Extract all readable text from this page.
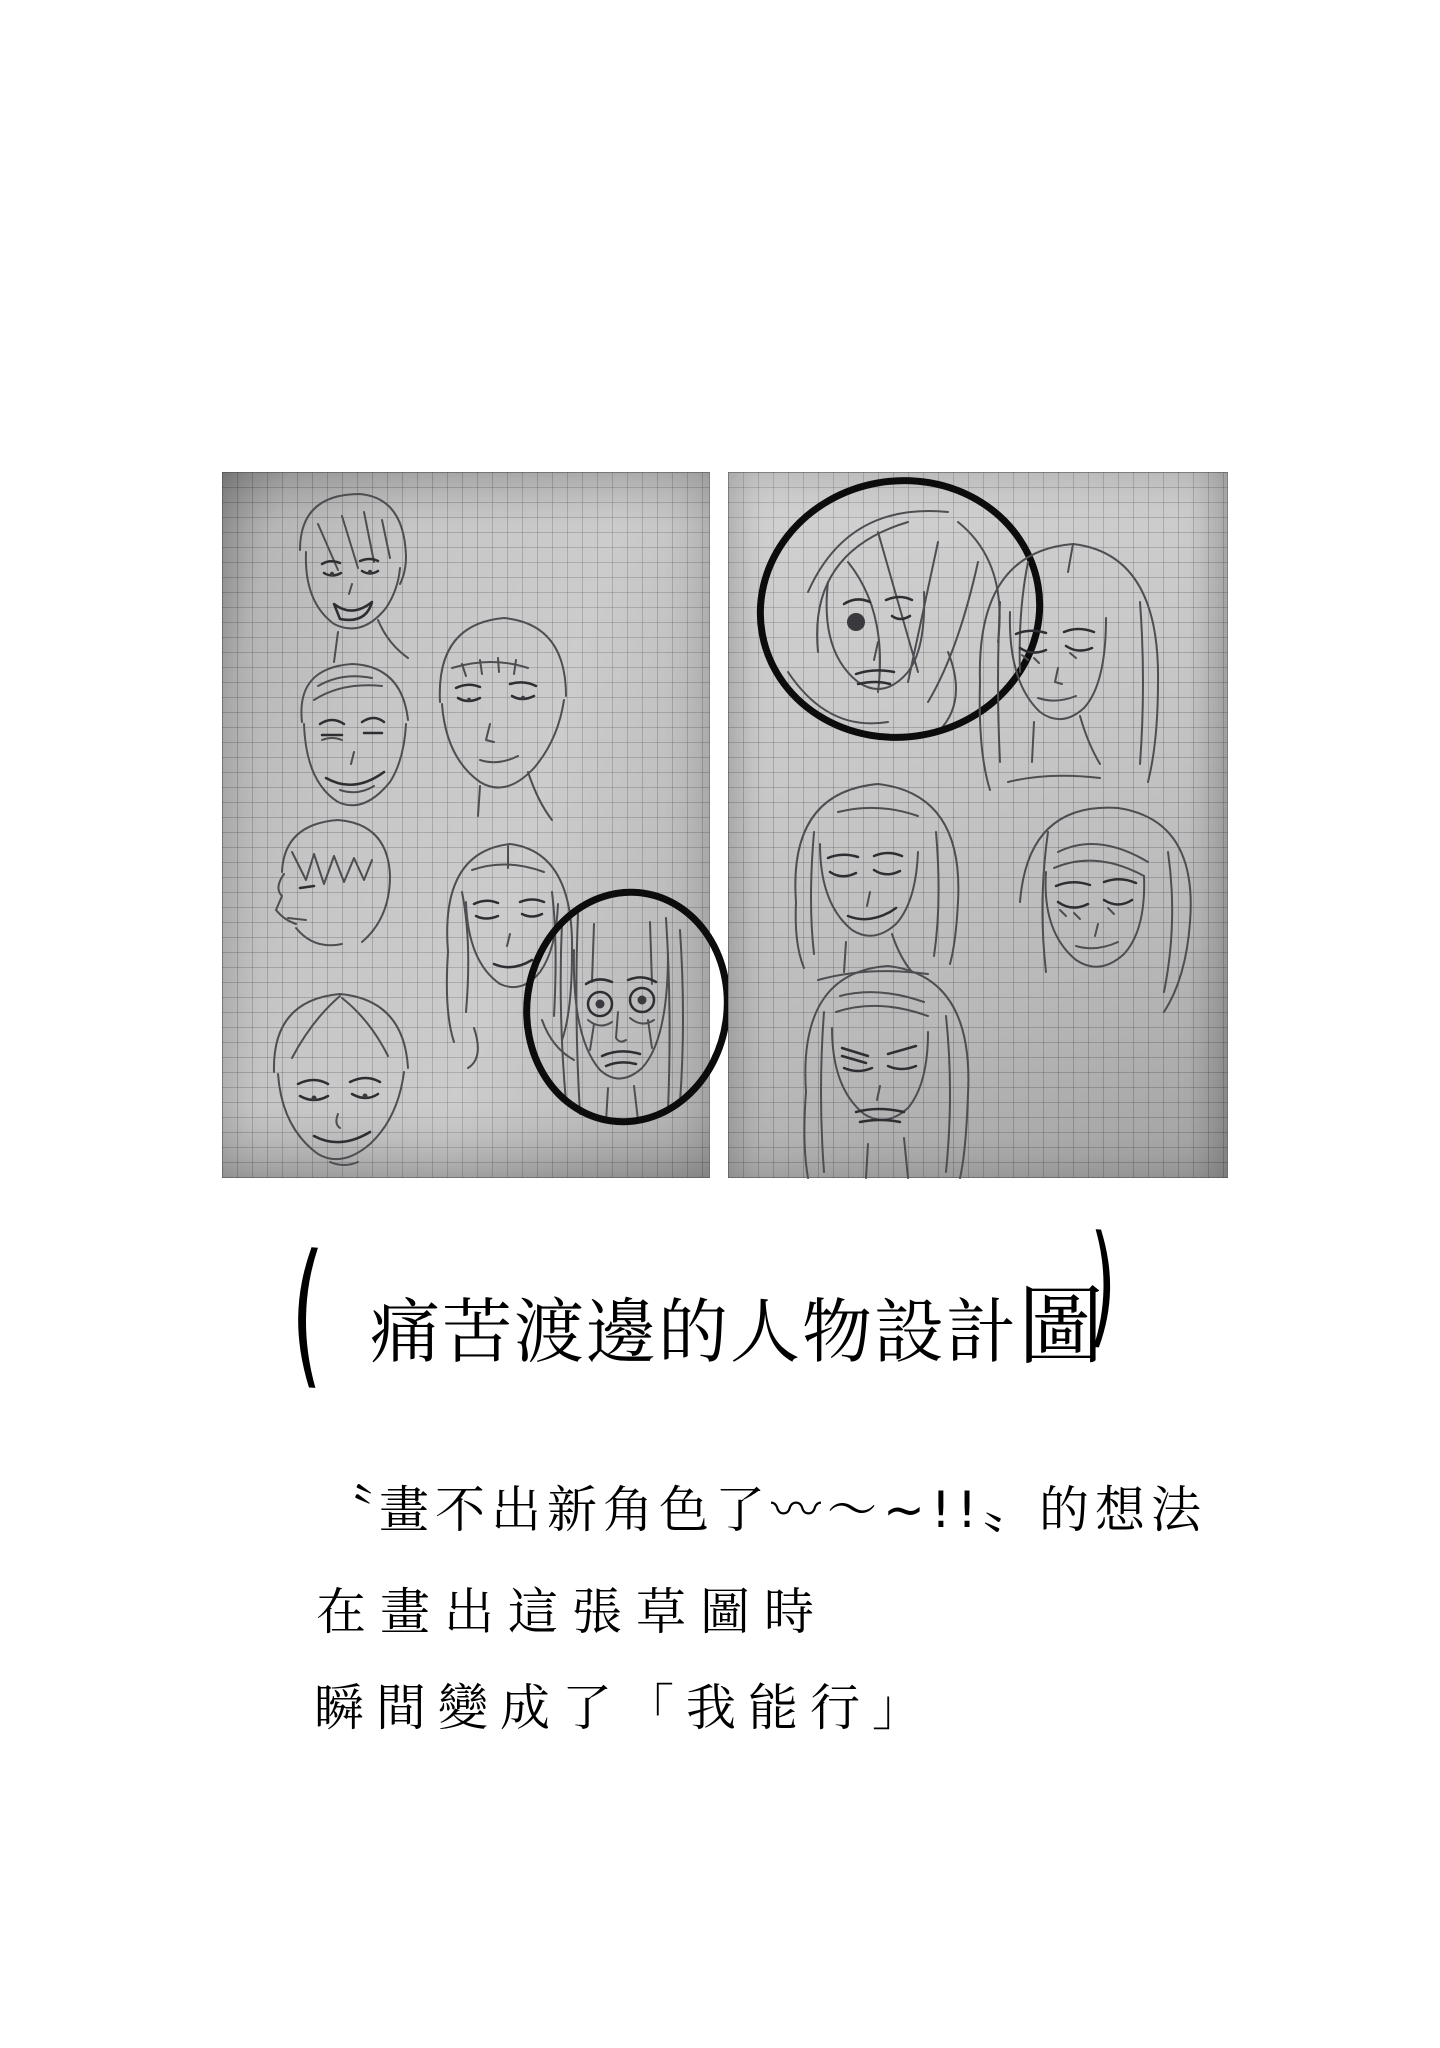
( 痛苦渡邊的人物設計圖
)
〝畫不出新角色了〰〜~!!〟的想法
在畫出這張草圖時
瞬間變成了「我能行」
